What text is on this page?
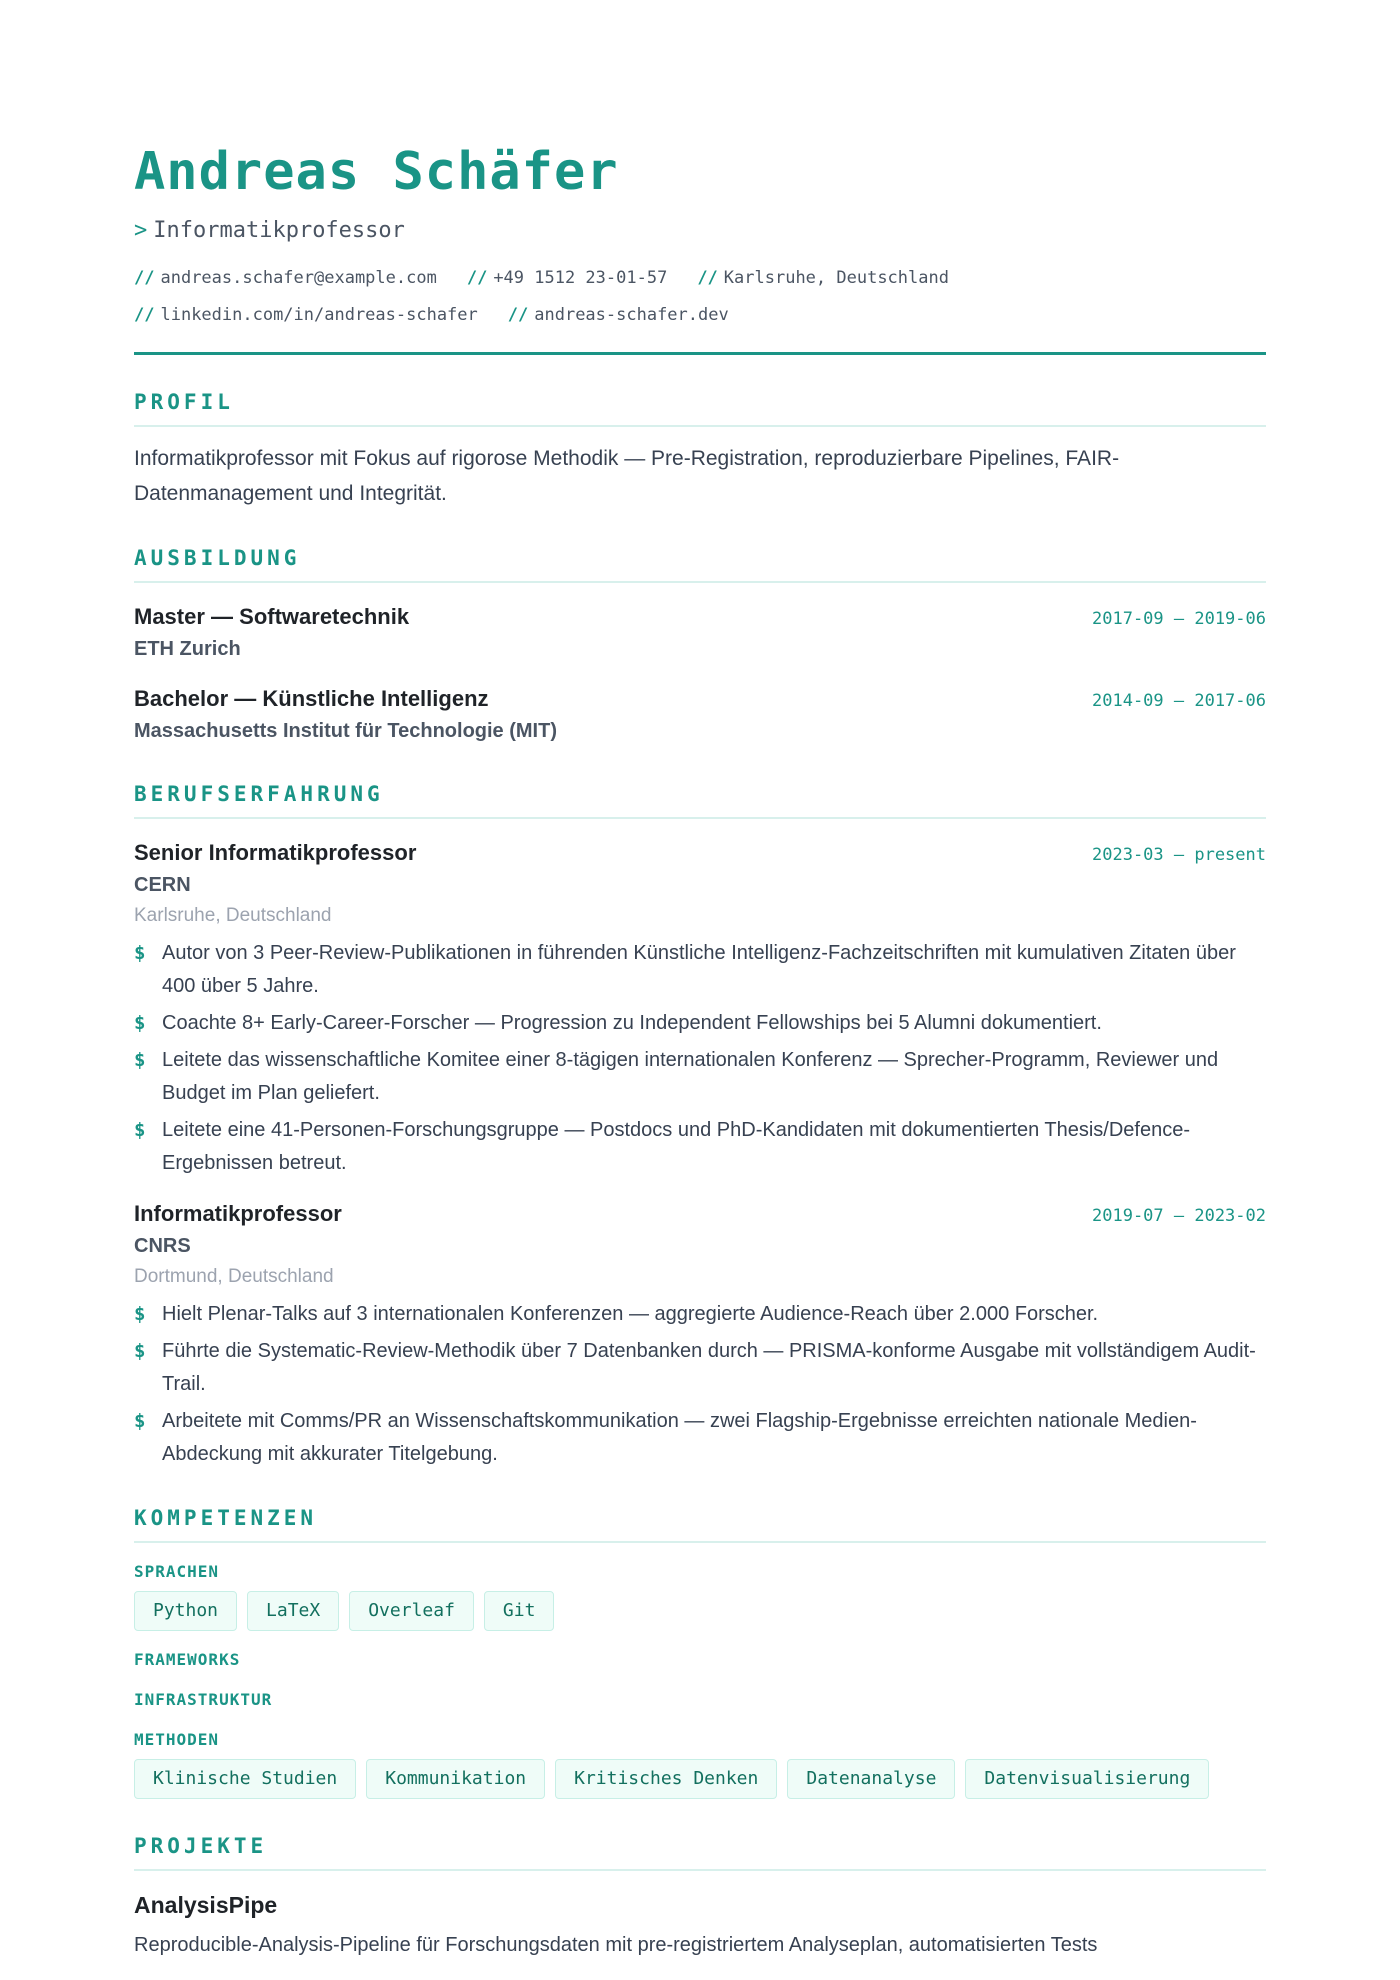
Andreas Schäfer
> Informatikprofessor
// andreas.schafer@example.com // +49 1512 23-01-57 // Karlsruhe, Deutschland
// linkedin.com/in/andreas-schafer // andreas-schafer.dev
PROFIL
Informatikprofessor mit Fokus auf rigorose Methodik — Pre-Registration, reproduzierbare Pipelines, FAIR-Datenmanagement und Integrität.
AUSBILDUNG
Master — Softwaretechnik	2017-09 – 2019-06
ETH Zurich
Bachelor — Künstliche Intelligenz	2014-09 – 2017-06
Massachusetts Institut für Technologie (MIT)
BERUFSERFAHRUNG
Senior Informatikprofessor	2023-03 – present
CERN
Karlsruhe, Deutschland
$ Autor von 3 Peer-Review-Publikationen in führenden Künstliche Intelligenz-Fachzeitschriften mit kumulativen Zitaten über 400 über 5 Jahre.
$ Coachte 8+ Early-Career-Forscher — Progression zu Independent Fellowships bei 5 Alumni dokumentiert.
$ Leitete das wissenschaftliche Komitee einer 8-tägigen internationalen Konferenz — Sprecher-Programm, Reviewer und Budget im Plan geliefert.
$ Leitete eine 41-Personen-Forschungsgruppe — Postdocs und PhD-Kandidaten mit dokumentierten Thesis/Defence-Ergebnissen betreut.
Informatikprofessor	2019-07 – 2023-02
CNRS
Dortmund, Deutschland
$ Hielt Plenar-Talks auf 3 internationalen Konferenzen — aggregierte Audience-Reach über 2.000 Forscher.
$ Führte die Systematic-Review-Methodik über 7 Datenbanken durch — PRISMA-konforme Ausgabe mit vollständigem Audit-Trail.
$ Arbeitete mit Comms/PR an Wissenschaftskommunikation — zwei Flagship-Ergebnisse erreichten nationale Medien-Abdeckung mit akkurater Titelgebung.
KOMPETENZEN
SPRACHEN
Python	LaTeX	Overleaf	Git
FRAMEWORKS
INFRASTRUKTUR
METHODEN
Klinische Studien	Kommunikation	Kritisches Denken	Datenanalyse	Datenvisualisierung
PROJEKTE
AnalysisPipe
Reproducible-Analysis-Pipeline für Forschungsdaten mit pre-registriertem Analyseplan, automatisierten Tests
